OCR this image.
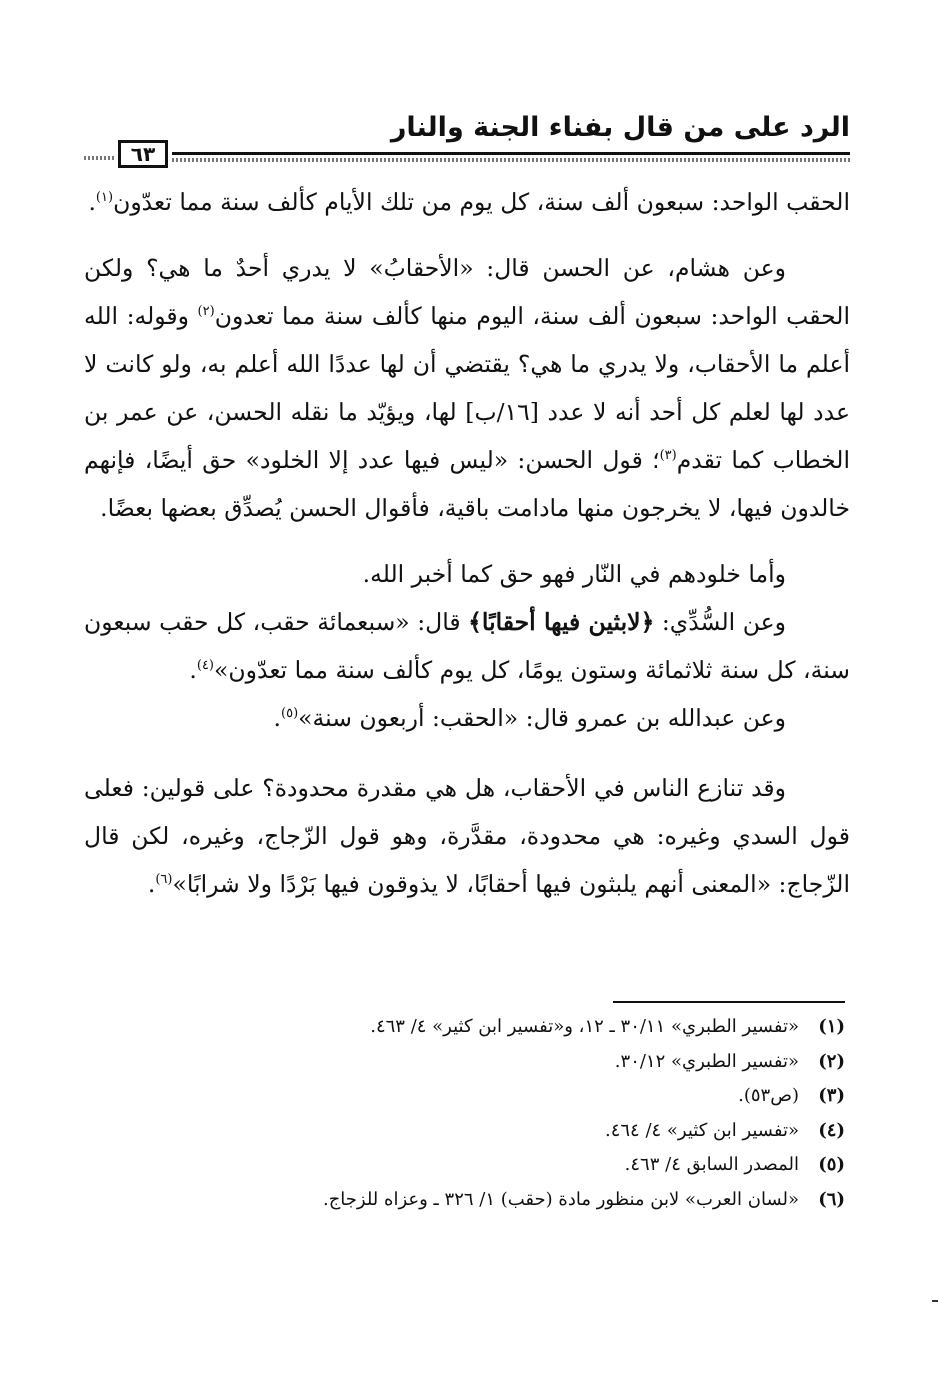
الرد على من قال بفناء الجنة والنار
٦٣

الحقب الواحد: سبعون ألف سنة، كل يوم من تلك الأيام كألف سنة مما تعدّون$^{(١)}$.

وعن هشام، عن الحسن قال: «الأحقابُ» لا يدري أحدٌ ما هي؟ ولكن الحقب الواحد: سبعون ألف سنة، اليوم منها كألف سنة مما تعدون$^{(٢)}$ وقوله: الله أعلم ما الأحقاب، ولا يدري ما هي؟ يقتضي أن لها عددًا الله أعلم به، ولو كانت لا عدد لها لعلم كل أحد أنه لا عدد [١٦/ب] لها، ويؤيّد ما نقله الحسن، عن عمر بن الخطاب كما تقدم$^{(٣)}$؛ قول الحسن: «ليس فيها عدد إلا الخلود» حق أيضًا، فإنهم خالدون فيها، لا يخرجون منها مادامت باقية، فأقوال الحسن يُصدِّق بعضها بعضًا.

وأما خلودهم في النّار فهو حق كما أخبر الله.

وعن السُّدِّي: ﴿لابثين فيها أحقابًا﴾ قال: «سبعمائة حقب، كل حقب سبعون سنة، كل سنة ثلاثمائة وستون يومًا، كل يوم كألف سنة مما تعدّون»$^{(٤)}$.

وعن عبدالله بن عمرو قال: «الحقب: أربعون سنة»$^{(٥)}$.

وقد تنازع الناس في الأحقاب، هل هي مقدرة محدودة؟ على قولين: فعلى قول السدي وغيره: هي محدودة، مقدَّرة، وهو قول الزّجاج، وغيره، لكن قال الزّجاج: «المعنى أنهم يلبثون فيها أحقابًا، لا يذوقون فيها بَرْدًا ولا شرابًا»$^{(٦)}$.

(١)
«تفسير الطبري» ٣٠/١١ ـ ١٢، و«تفسير ابن كثير» ٤/ ٤٦٣.
(٢)
«تفسير الطبري» ٣٠/١٢.
(٣)
(ص٥٣).
(٤)
«تفسير ابن كثير» ٤/ ٤٦٤.
(٥)
المصدر السابق ٤/ ٤٦٣.
(٦)
«لسان العرب» لابن منظور مادة (حقب) ١/ ٣٢٦ ـ وعزاه للزجاج.
